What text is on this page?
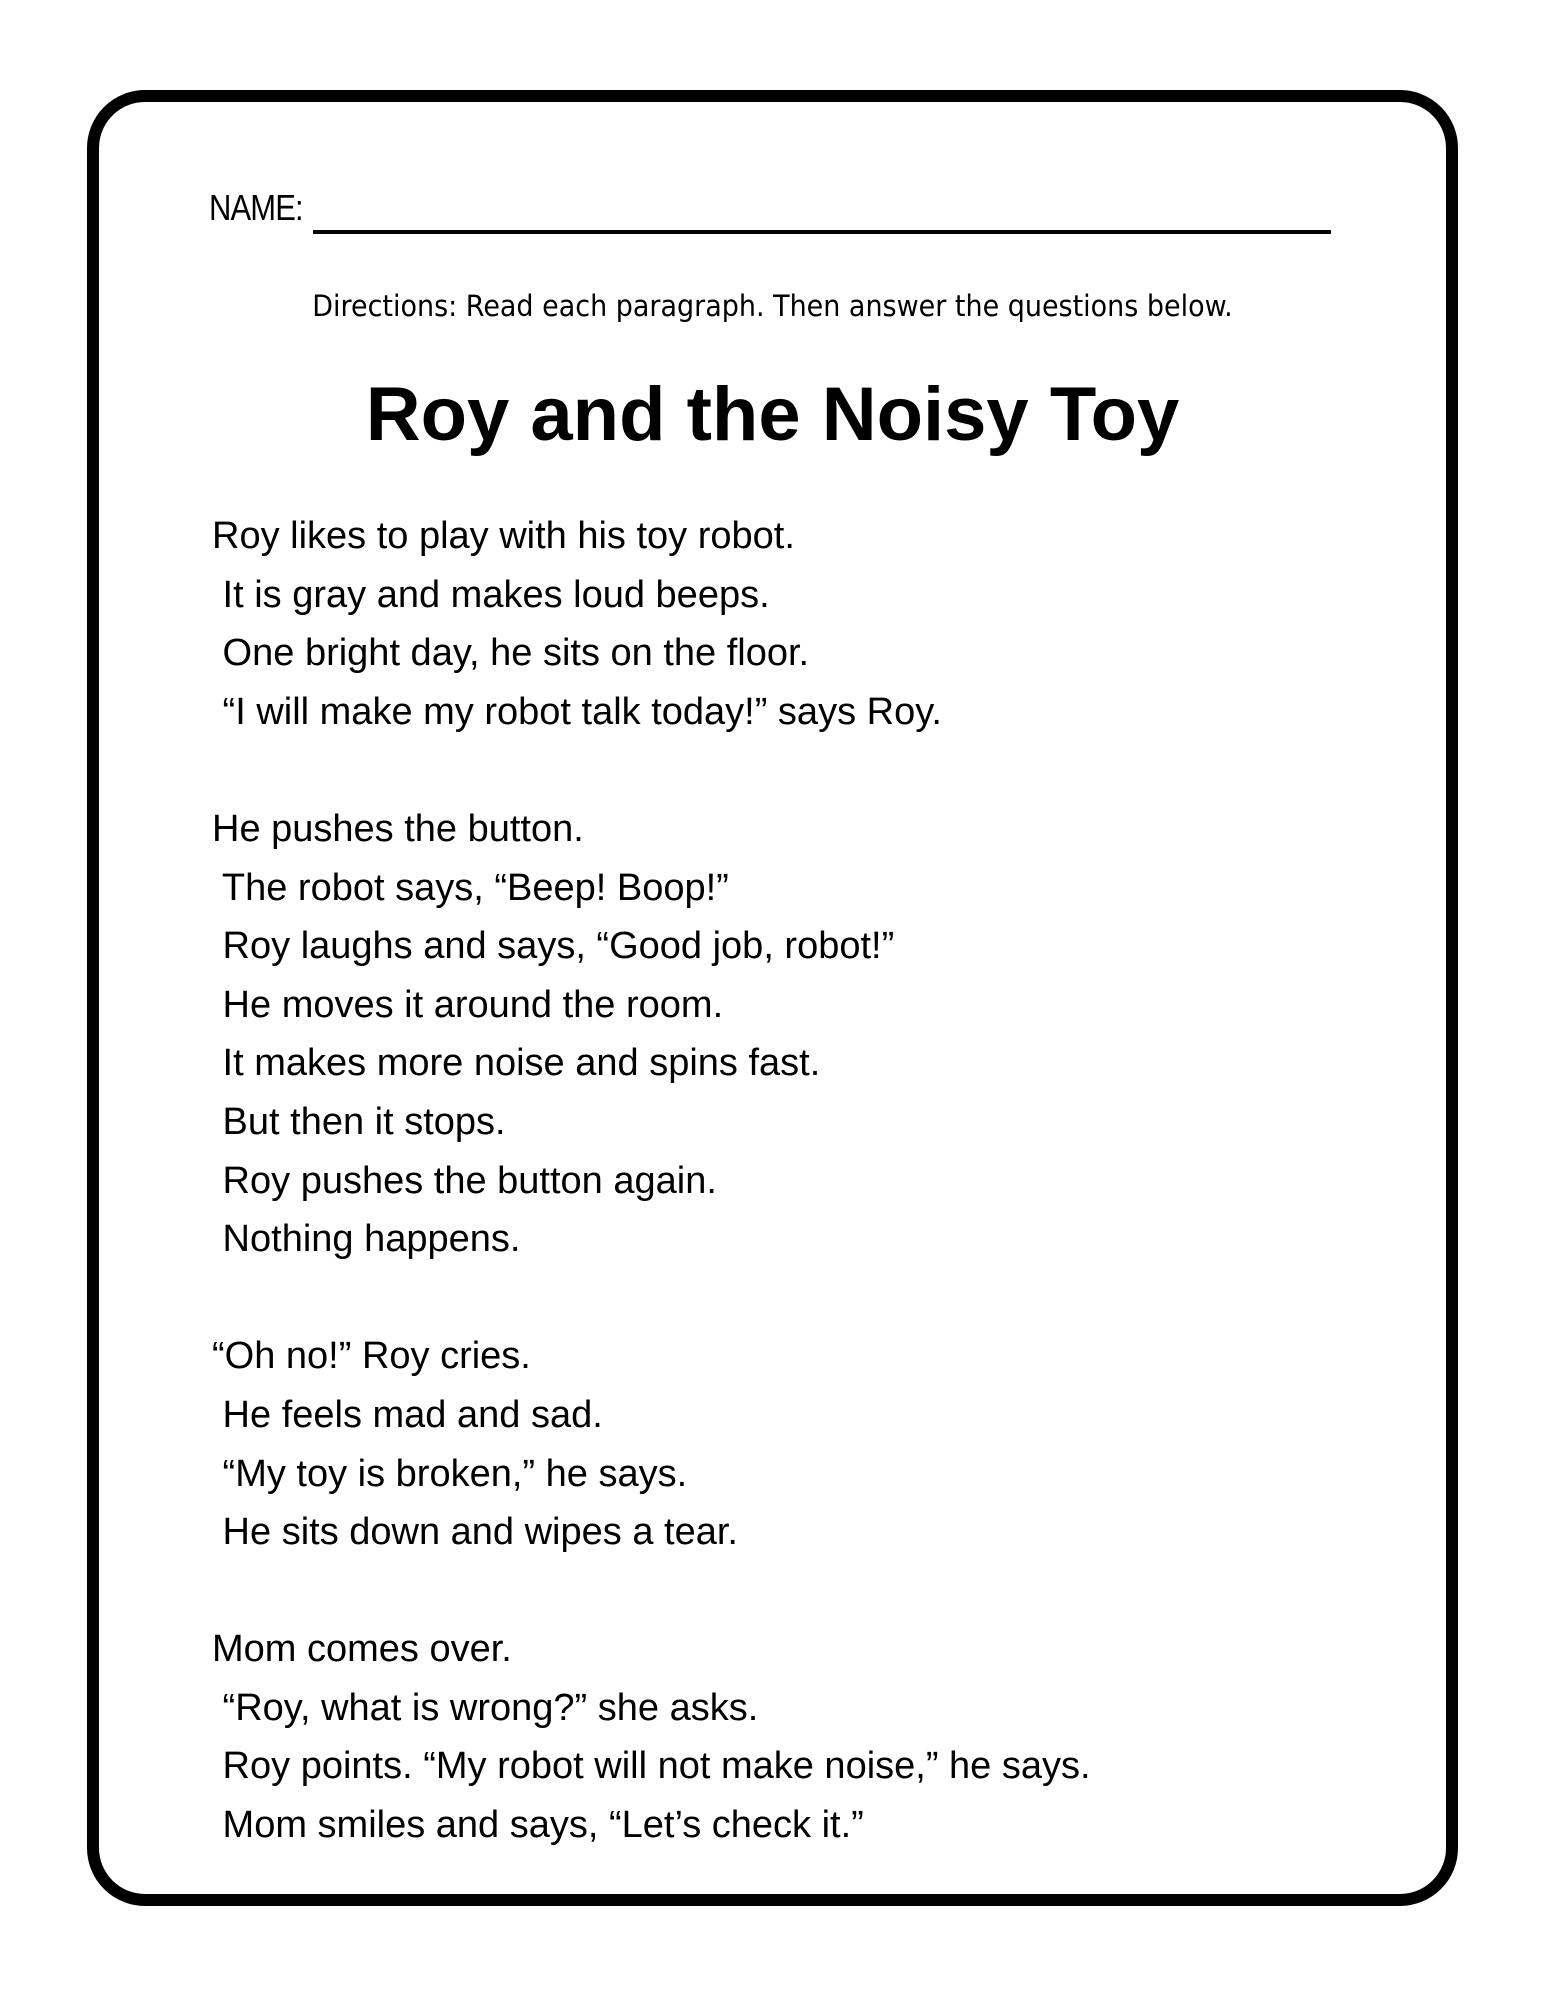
NAME:
Directions: Read each paragraph. Then answer the questions below.
Roy and the Noisy Toy
Roy likes to play with his toy robot.
It is gray and makes loud beeps.
One bright day, he sits on the floor.
“I will make my robot talk today!” says Roy.
He pushes the button.
The robot says, “Beep! Boop!”
Roy laughs and says, “Good job, robot!”
He moves it around the room.
It makes more noise and spins fast.
But then it stops.
Roy pushes the button again.
Nothing happens.
“Oh no!” Roy cries.
He feels mad and sad.
“My toy is broken,” he says.
He sits down and wipes a tear.
Mom comes over.
“Roy, what is wrong?” she asks.
Roy points. “My robot will not make noise,” he says.
Mom smiles and says, “Let’s check it.”
